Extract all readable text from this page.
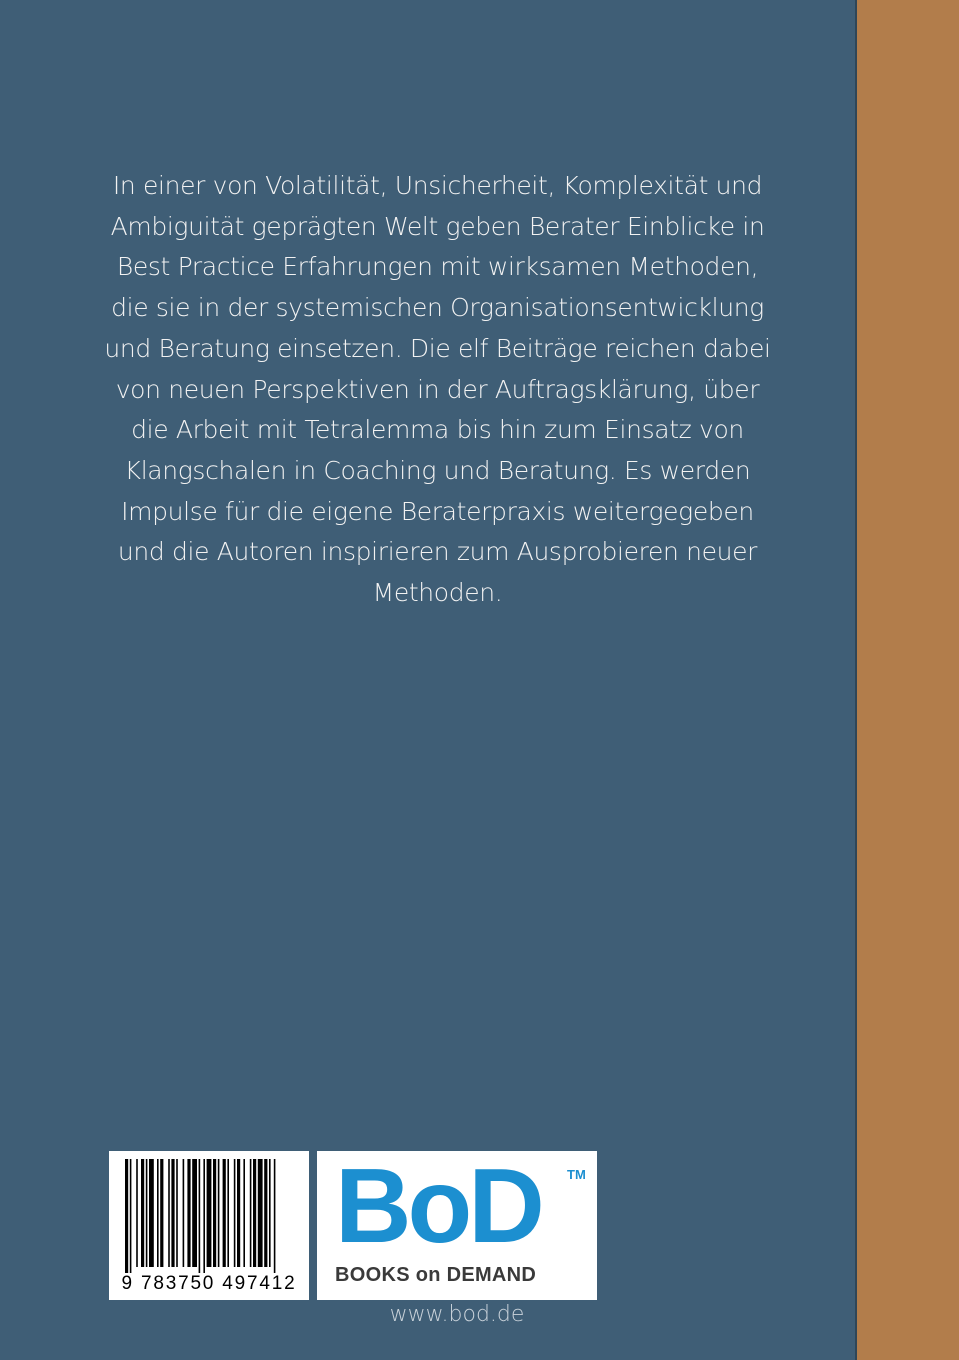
In einer von Volatilität, Unsicherheit, Komplexität und
Ambiguität geprägten Welt geben Berater Einblicke in
Best Practice Erfahrungen mit wirksamen Methoden,
die sie in der systemischen Organisationsentwicklung
und Beratung einsetzen. Die elf Beiträge reichen dabei
von neuen Perspektiven in der Auftragsklärung, über
die Arbeit mit Tetralemma bis hin zum Einsatz von
Klangschalen in Coaching und Beratung. Es werden
Impulse für die eigene Beraterpraxis weitergegeben
und die Autoren inspirieren zum Ausprobieren neuer
Methoden.

9 783750 497412
BoD TM
BOOKS on DEMAND
www.bod.de
